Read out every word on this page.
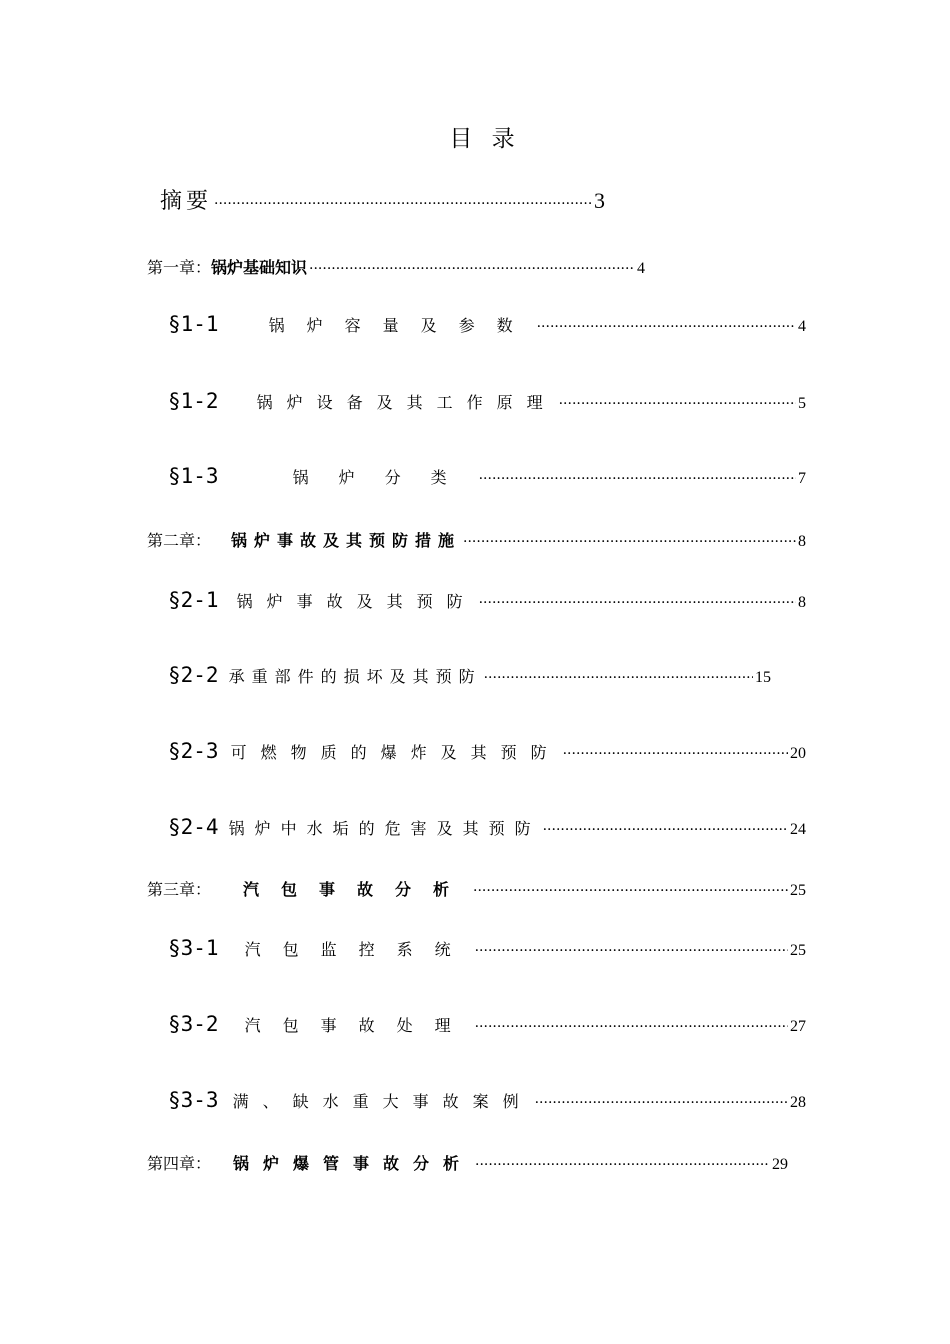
目 录
摘要 ·····	3
第一章： 锅炉基础知识 ·····	4
§1-1	锅炉容量及参数 ·····	4
§1-2 锅炉设备及其工作原理 ·····	5
§1-3	锅炉分类 ·····	7
第二章： 锅炉事故及其预防措施 ·····	8
§2-1 锅炉事故及其预防 ·····	8
§2-2 承重部件的损坏及其预防 ·····	15
§2-3 可燃物质的爆炸及其预防 ·····	20
§2-4 锅炉中水垢的危害及其预防 ·····	24
第三章： 汽包事故分析 ·····	25
§3-1 汽包监控系统 ·····	25
§3-2 汽包事故处理 ·····	27
§3-3 满、缺水重大事故案例 ·····	28
第四章： 锅炉爆管事故分析 ·····	29
